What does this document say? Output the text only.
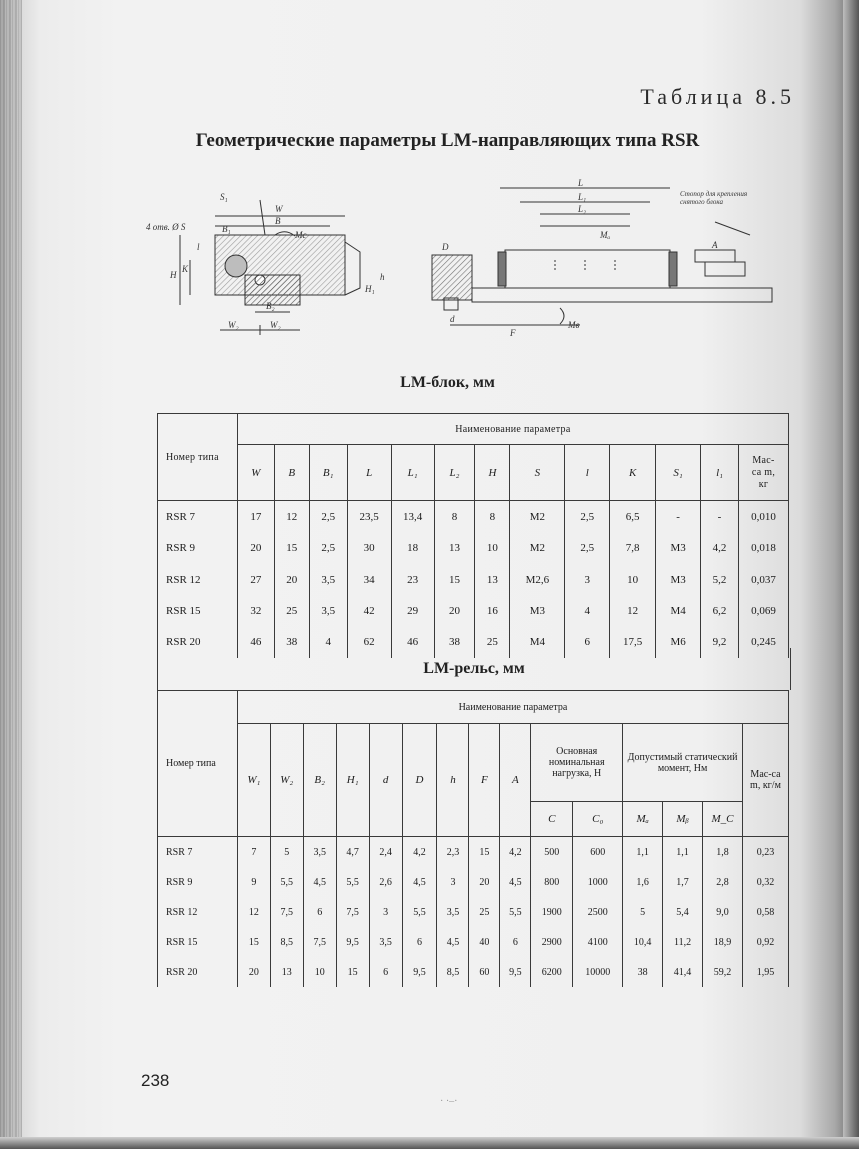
Таблица 8.5
Геометрические параметры LM-направляющих типа RSR
S₁
W
B
B₁
4 отв. Ø S
l
K
H
Mc
B₂
W₂	W₂
L
L₁
L₂
Mₐ
D
h
H₁
d
F
Mв
A
Стопор для крепления
снятого блока
LM-блок, мм
Номер типа	Наименование параметра												
	W	B	B₁	L	L₁	L₂	H	S	l	K	S₁	l₁	Мас-
са m,
кг

RSR 7	17	12	2,5	23,5	13,4	8	8	M2	2,5	6,5	-	-	0,010
RSR 9	20	15	2,5	30	18	13	10	M2	2,5	7,8	M3	4,2	0,018
RSR 12	27	20	3,5	34	23	15	13	M2,6	3	10	M3	5,2	0,037
RSR 15	32	25	3,5	42	29	20	16	M3	4	12	M4	6,2	0,069
RSR 20	46	38	4	62	46	38	25	M4	6	17,5	M6	9,2	0,245
LM-рельс, мм
Номер типа	Наименование параметра														
	W₁	W₂	B₂	H₁	d	D	h	F	A	Основная номинальная нагрузка, Н		Допустимый статический момент, Нм			Мас-са m, кг/м
										C	C₀	Mₐ	Mᵦ	M_C	
RSR 7	7	5	3,5	4,7	2,4	4,2	2,3	15	4,2	500	600	1,1	1,1	1,8	0,23
RSR 9	9	5,5	4,5	5,5	2,6	4,5	3	20	4,5	800	1000	1,6	1,7	2,8	0,32
RSR 12	12	7,5	6	7,5	3	5,5	3,5	25	5,5	1900	2500	5	5,4	9,0	0,58
RSR 15	15	8,5	7,5	9,5	3,5	6	4,5	40	6	2900	4100	10,4	11,2	18,9	0,92
RSR 20	20	13	10	15	6	9,5	8,5	60	9,5	6200	10000	38	41,4	59,2	1,95
238
· ·–·
